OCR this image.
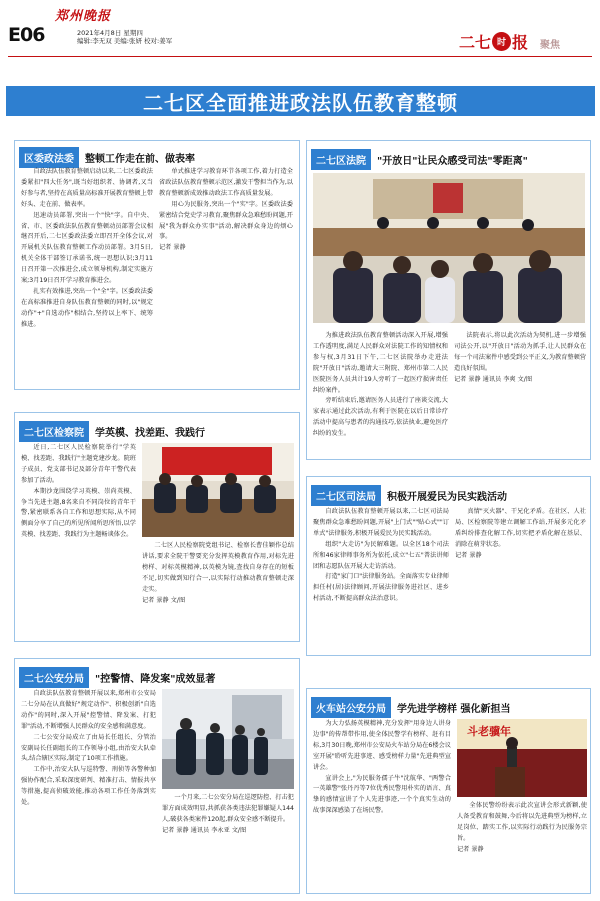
E06
郑州晚报
2021年4月8日 星期四
编辑:李无双 美编:张妍 校对:姜军	二七 时 报 聚焦
二七区全面推进政法队伍教育整顿
区委政法委	整顿工作走在前、做表率

自政法队伍教育整顿启动以来,二七区委政法委紧扣"四大任务",既当好组织者、协调者,又当好参与者,坚持在高质量高标准开展教育整顿上带好头、走在前、做表率。

迅速动员部署,突出一个"快"字。自中央、省、市、区委政法队伍教育整顿动员部署会议相继召开后,二七区委政法委立即召开全体会议,对开展机关队伍教育整顿工作动员部署。3月5日,机关全体干部签订承诺书,统一思想认识;3月11日召开第一次推进会,成立领导机构,制定实施方案;3月19日召开学习教育推进会。

扎实有效推进,突出一个"全"字。区委政法委在高标准推进自身队伍教育整顿的同时,以"规定动作"+"自选动作"相结合,坚持以上率下、统筹推进。

单式推进学习教育环节各项工作,着力打造全省政法队伍教育整顿示范区,激发干警担当作为,以教育整顿新成效推动政法工作高质量发展。

用心为民服务,突出一个"实"字。区委政法委紧密结合党史学习教育,聚焦群众急难愁盼问题,开展"我为群众办实事"活动,解决群众身边的烦心事。

记者 景静

二七区法院	"开放日"让民众感受司法"零距离"

为推进政法队伍教育整顿活动深入开展,增强工作透明度,满足人民群众对法院工作的知情权和参与权,3月31日下午,二七区法院举办走进法院"开放日"活动,邀请大三附院、郑州市第二人民医院医务人员共计19人旁听了一起医疗损害责任纠纷案件。

旁听结束后,邀请医务人员进行了座谈交流,大家表示通过此次活动,有利于医院在以后日常诊疗活动中提高与患者的沟通技巧,依法执业,避免医疗纠纷的发生。

法院表示,将以此次活动为契机,进一步增强司法公开,以"开放日"活动为抓手,让人民群众在每一个司法案件中感受到公平正义,为教育整顿营造良好氛围。

记者 景静 通讯员 李爽 文/图

二七区检察院	学英模、找差距、我践行

近日,二七区人民检察院举行"学英模、找差距、我践行"主题党建沙龙。院班子成员、党支部书记及部分青年干警代表参加了活动。

本期沙龙围绕学习英模、崇尚英模、争当先进主题,8名来自不同岗位的青年干警,紧密联系各自工作和思想实际,从不同侧面分享了自己的所见所闻所思所悟,以学英模、找差距、我践行为主题畅谈体会。

二七区人民检察院党组书记、检察长曹佳颖作总结讲话,要求全院干警要充分发挥英模教育作用,对标先进榜样、对标英模精神,以英模为镜,查找自身存在的短板不足,切实做到知行合一,以实际行动推动教育整顿走深走实。

记者 景静 文/图

二七区司法局	积极开展爱民为民实践活动

自政法队伍教育整顿开展以来,二七区司法局聚焦群众急难愁盼问题,开展"上门式""贴心式""订单式"法律服务,积极开展爱民为民实践活动。

组织"大走访"为民解难题。以全区18个司法所和46家律师事务所为依托,成立"七五"普法讲师团和志愿队伍开展大走访活动。

打造"家门口"法律服务站。全面落实专业律师担任村(居)法律顾问,开展法律服务进社区、进乡村活动,不断提高群众法治意识。

真情"灭火器"、干兄化矛盾。在社区、人社局、区检察院等建立调解工作站,开展多元化矛盾纠纷排查化解工作,切实把矛盾化解在基层、消除在萌芽状态。

记者 景静

二七公安分局	"控警情、降发案"成效显著

自政法队伍教育整顿开展以来,郑州市公安局二七分局在认真做好"规定动作"、积极创新"自选动作"的同时,深入开展"控警情、降发案、打犯罪"活动,不断增强人民群众的安全感和满意度。

二七公安分局成立了由局长任组长、分管治安副局长任副组长的工作领导小组,由治安大队牵头,结合辖区实际,制定了10项工作措施。

工作中,治安大队与巡特警、刑侦等各警种加强协作配合,采取深度研判、精准打击、情报共享等措施,提高侦破效能,推动各项工作任务落到实处。

一个月来,二七公安分局在巡逻防控、打击犯罪方面成效明显,共抓获各类违法犯罪嫌疑人144人,破获各类案件120起,群众安全感不断提升。

记者 景静 通讯员 李永亚 文/图

火车站公安分局	学先进学榜样 强化新担当

为大力弘扬英模精神,充分发挥"用身边人讲身边事"的传帮带作用,使全体民警学有榜样、赶有目标,3月30日晚,郑州市公安局火车站分局在6楼会议室开展"聆听先进事迹、感受榜样力量"先进典型宣讲会。

宣讲会上,"为民服务孺子牛"沈航华、"两警合一英雄警"张丹丹等7位优秀民警用朴实的语言、真挚的感情宣讲了个人先进事迹,一个个真实生动的故事深深感染了在场民警。

斗老骥年

全体民警纷纷表示此次宣讲会形式新颖,使人备受教育和鼓舞,今后将以先进典型为榜样,立足岗位、踏实工作,以实际行动践行为民服务宗旨。

记者 景静
